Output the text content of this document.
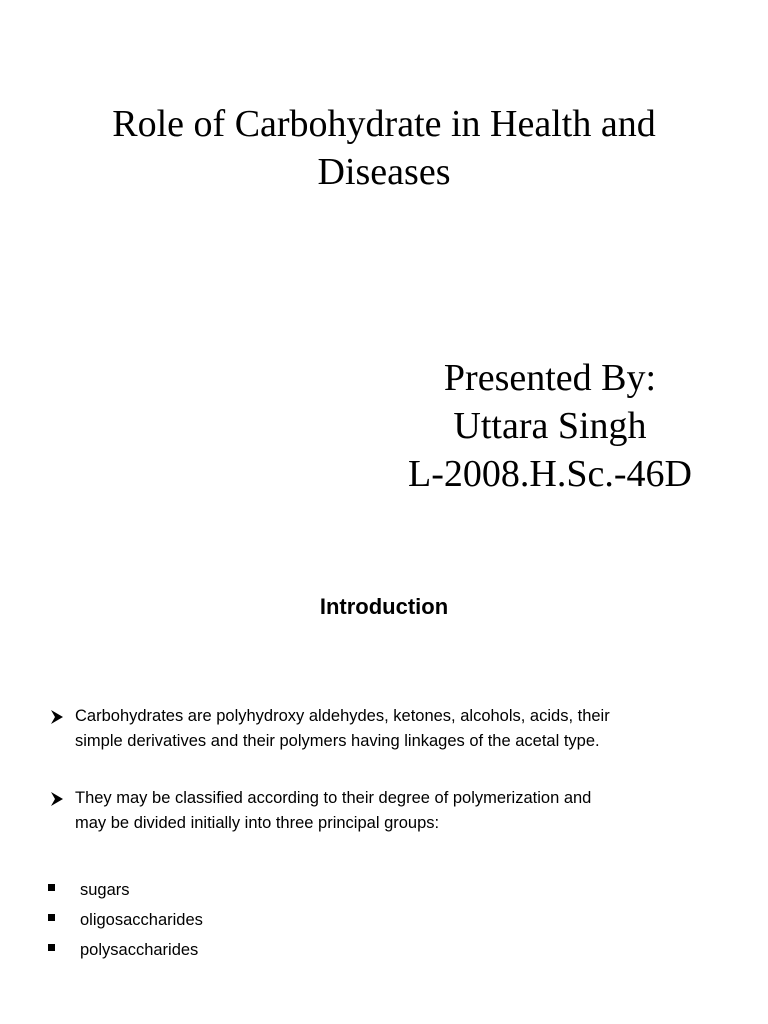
Role of Carbohydrate in Health and
Diseases
Presented By:
Uttara Singh
L-2008.H.Sc.-46D
Introduction
Carbohydrates are polyhydroxy aldehydes, ketones, alcohols, acids, their
simple derivatives and their polymers having linkages of the acetal type.
They may be classified according to their degree of polymerization and
may be divided initially into three principal groups:
sugars
oligosaccharides
polysaccharides
